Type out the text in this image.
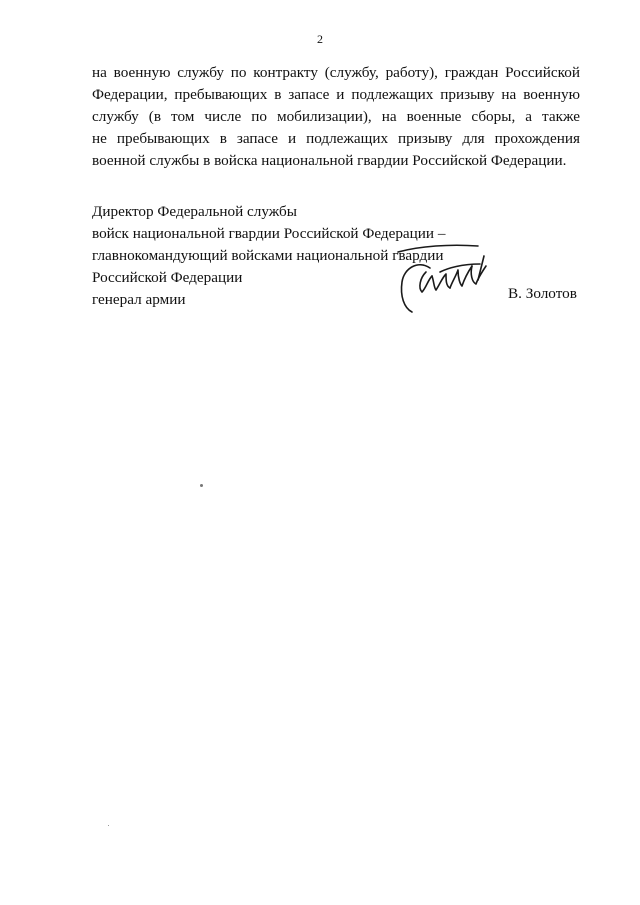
2
на военную службу по контракту (службу, работу), граждан Российской
Федерации, пребывающих в запасе и подлежащих призыву на военную
службу (в том числе по мобилизации), на военные сборы, а также
не пребывающих в запасе и подлежащих призыву для прохождения
военной службы в войска национальной гвардии Российской Федерации.
Директор Федеральной службы
войск национальной гвардии Российской Федерации –
главнокомандующий войсками национальной гвардии
Российской Федерации
генерал армии	В. Золотов
